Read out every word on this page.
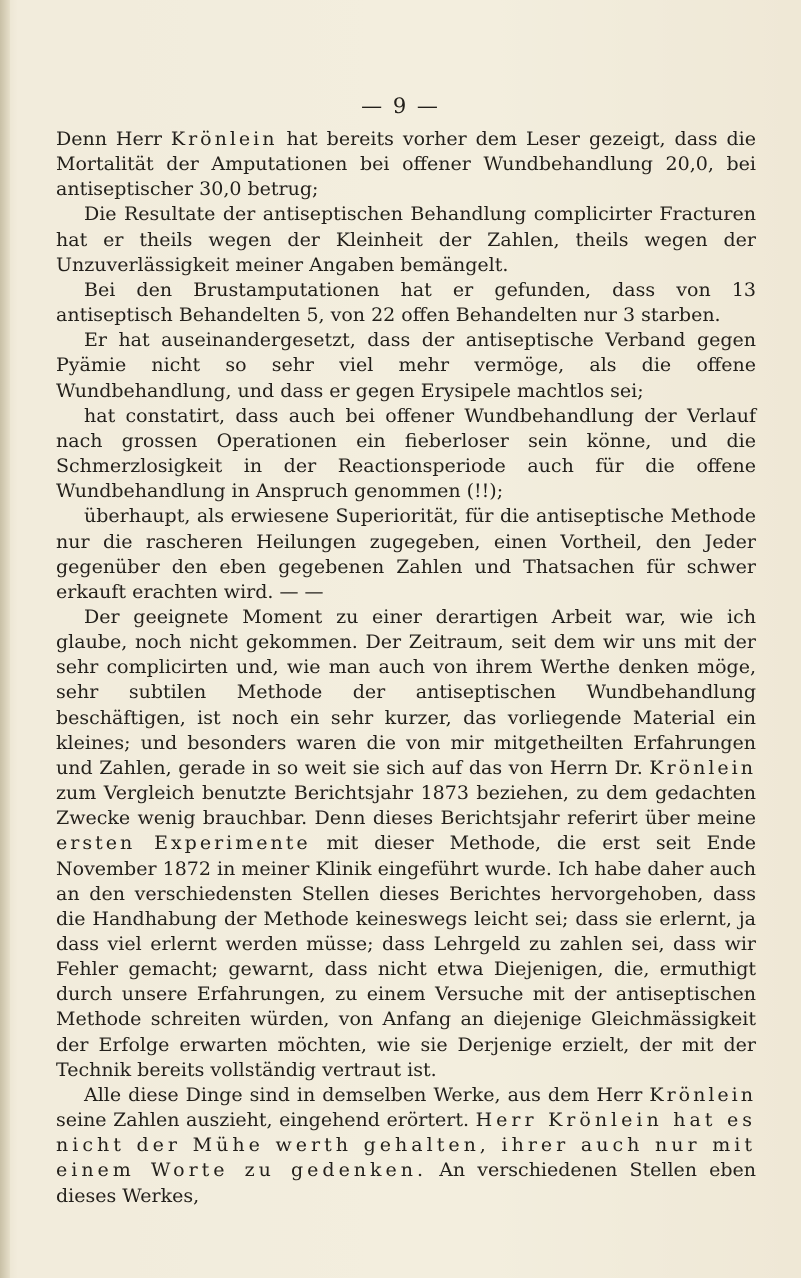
— 9 —

Denn Herr Krönlein hat bereits vorher dem Leser gezeigt, dass die Mortalität der Amputationen bei offener Wundbehandlung 20,0, bei antiseptischer 30,0 betrug;

Die Resultate der antiseptischen Behandlung complicirter Fracturen hat er theils wegen der Kleinheit der Zahlen, theils wegen der Unzuverlässigkeit meiner Angaben bemängelt.

Bei den Brustamputationen hat er gefunden, dass von 13 antiseptisch Behandelten 5, von 22 offen Behandelten nur 3 starben.

Er hat auseinandergesetzt, dass der antiseptische Verband gegen Pyämie nicht so sehr viel mehr vermöge, als die offene Wundbehandlung, und dass er gegen Erysipele machtlos sei;

hat constatirt, dass auch bei offener Wundbehandlung der Verlauf nach grossen Operationen ein fieberloser sein könne, und die Schmerzlosigkeit in der Reactionsperiode auch für die offene Wundbehandlung in Anspruch genommen (!!);

überhaupt, als erwiesene Superiorität, für die antiseptische Methode nur die rascheren Heilungen zugegeben, einen Vortheil, den Jeder gegenüber den eben gegebenen Zahlen und Thatsachen für schwer erkauft erachten wird. — —

Der geeignete Moment zu einer derartigen Arbeit war, wie ich glaube, noch nicht gekommen. Der Zeitraum, seit dem wir uns mit der sehr complicirten und, wie man auch von ihrem Werthe denken möge, sehr subtilen Methode der antiseptischen Wundbehandlung beschäftigen, ist noch ein sehr kurzer, das vorliegende Material ein kleines; und besonders waren die von mir mitgetheilten Erfahrungen und Zahlen, gerade in so weit sie sich auf das von Herrn Dr. Krönlein zum Vergleich benutzte Berichtsjahr 1873 beziehen, zu dem gedachten Zwecke wenig brauchbar. Denn dieses Berichtsjahr referirt über meine ersten Experimente mit dieser Methode, die erst seit Ende November 1872 in meiner Klinik eingeführt wurde. Ich habe daher auch an den verschiedensten Stellen dieses Berichtes hervorgehoben, dass die Handhabung der Methode keineswegs leicht sei; dass sie erlernt, ja dass viel erlernt werden müsse; dass Lehrgeld zu zahlen sei, dass wir Fehler gemacht; gewarnt, dass nicht etwa Diejenigen, die, ermuthigt durch unsere Erfahrungen, zu einem Versuche mit der antiseptischen Methode schreiten würden, von Anfang an diejenige Gleichmässigkeit der Erfolge erwarten möchten, wie sie Derjenige erzielt, der mit der Technik bereits vollständig vertraut ist.

Alle diese Dinge sind in demselben Werke, aus dem Herr Krönlein seine Zahlen auszieht, eingehend erörtert. Herr Krönlein hat es nicht der Mühe werth gehalten, ihrer auch nur mit einem Worte zu gedenken. An verschiedenen Stellen eben dieses Werkes,
